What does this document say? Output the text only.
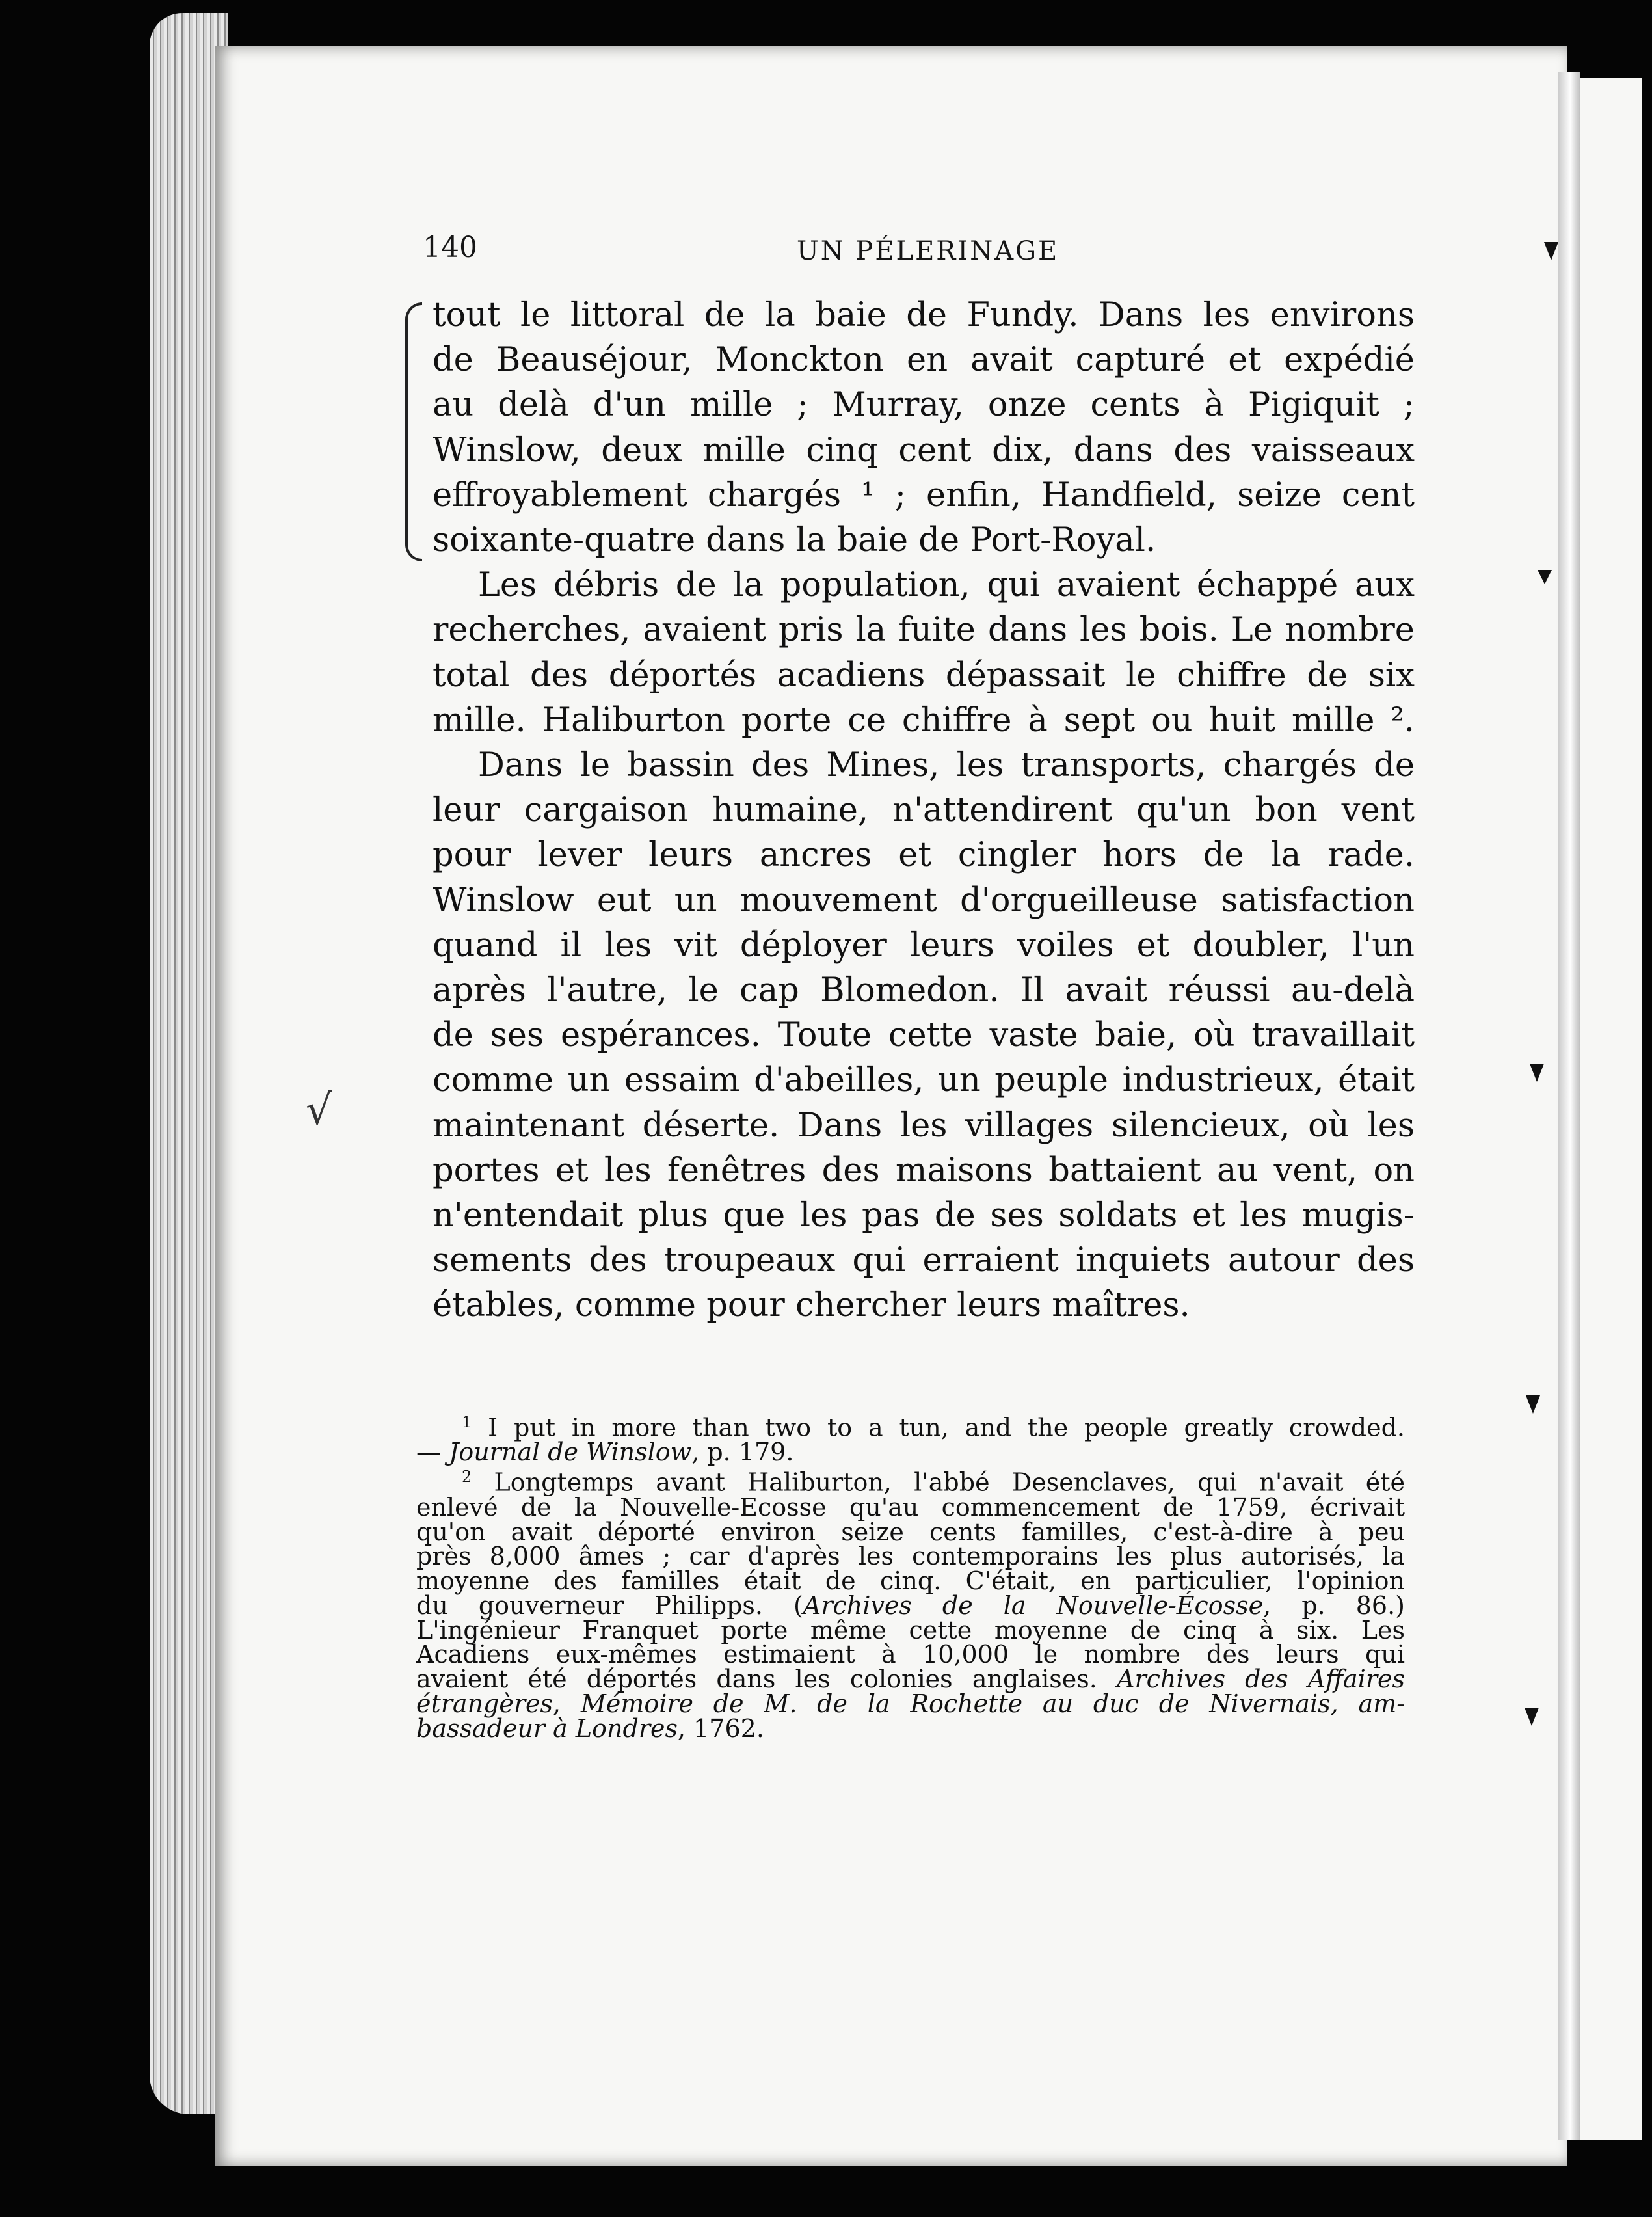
140	UN PÉLERINAGE
√
tout le littoral de la baie de Fundy. Dans les environs
de Beauséjour, Monckton en avait capturé et expédié
au delà d'un mille ; Murray, onze cents à Pigiquit ;
Winslow, deux mille cinq cent dix, dans des vaisseaux
effroyablement chargés ¹ ; enfin, Handfield, seize cent
soixante-quatre dans la baie de Port-Royal.
Les débris de la population, qui avaient échappé aux
recherches, avaient pris la fuite dans les bois. Le nombre
total des déportés acadiens dépassait le chiffre de six
mille. Haliburton porte ce chiffre à sept ou huit mille ².
Dans le bassin des Mines, les transports, chargés de
leur cargaison humaine, n'attendirent qu'un bon vent
pour lever leurs ancres et cingler hors de la rade.
Winslow eut un mouvement d'orgueilleuse satisfaction
quand il les vit déployer leurs voiles et doubler, l'un
après l'autre, le cap Blomedon. Il avait réussi au-delà
de ses espérances. Toute cette vaste baie, où travaillait
comme un essaim d'abeilles, un peuple industrieux, était
maintenant déserte. Dans les villages silencieux, où les
portes et les fenêtres des maisons battaient au vent, on
n'entendait plus que les pas de ses soldats et les mugis-
sements des troupeaux qui erraient inquiets autour des
étables, comme pour chercher leurs maîtres.
$^1$ I put in more than two to a tun, and the people greatly crowded.
— Journal de Winslow, p. 179.
$^2$ Longtemps avant Haliburton, l'abbé Desenclaves, qui n'avait été
enlevé de la Nouvelle-Ecosse qu'au commencement de 1759, écrivait
qu'on avait déporté environ seize cents familles, c'est-à-dire à peu
près 8,000 âmes ; car d'après les contemporains les plus autorisés, la
moyenne des familles était de cinq. C'était, en particulier, l'opinion
du gouverneur Philipps. (Archives de la Nouvelle-Écosse, p. 86.)
L'ingénieur Franquet porte même cette moyenne de cinq à six. Les
Acadiens eux-mêmes estimaient à 10,000 le nombre des leurs qui
avaient été déportés dans les colonies anglaises. Archives des Affaires
étrangères, Mémoire de M. de la Rochette au duc de Nivernais, am-
bassadeur à Londres, 1762.
